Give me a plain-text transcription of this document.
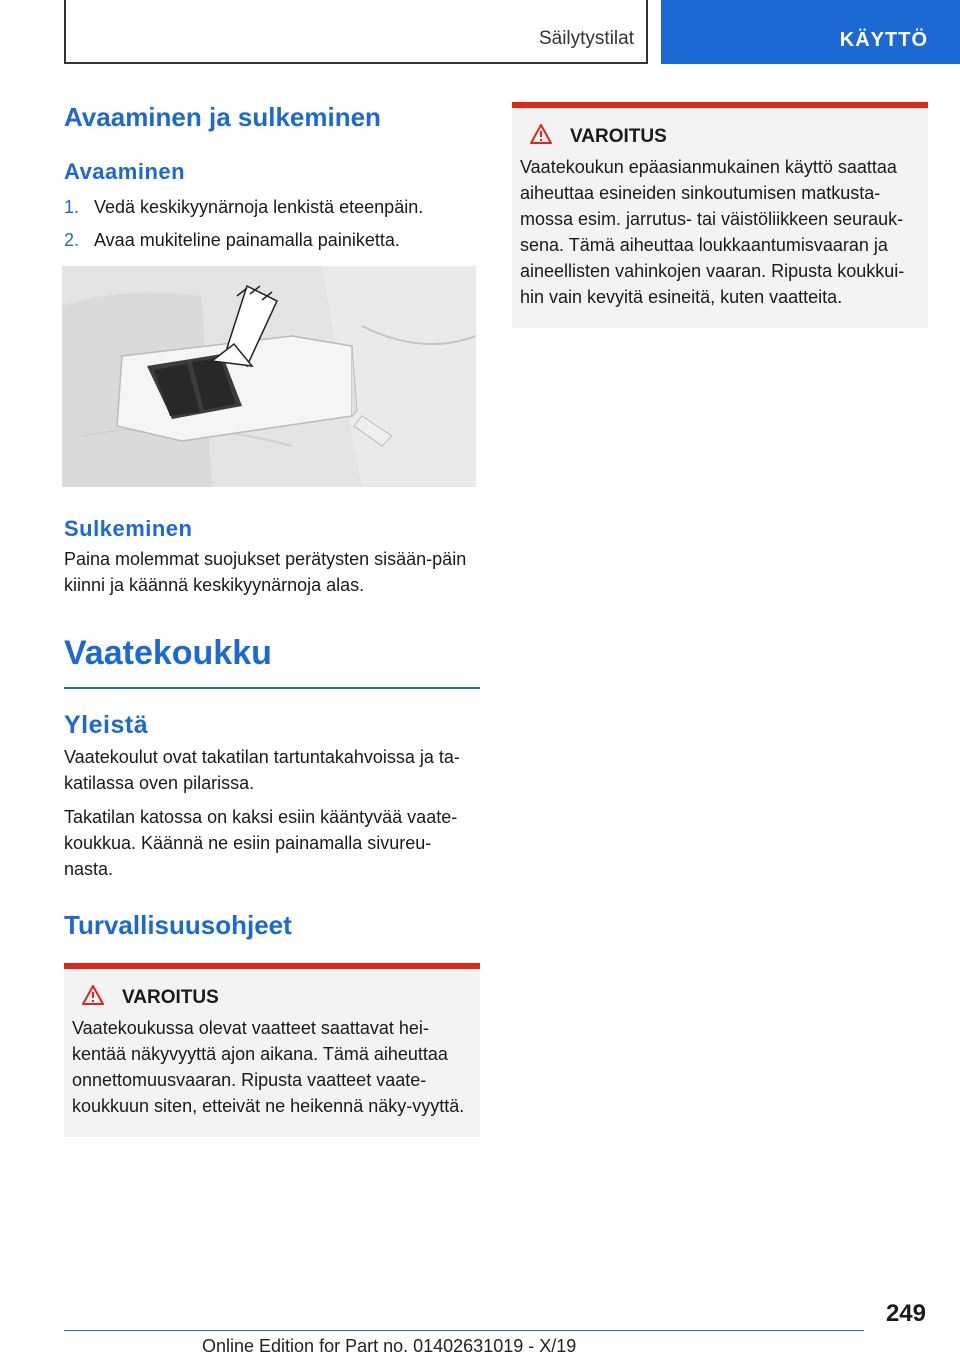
Säilytystilat	KÄYTTÖ
Avaaminen ja sulkeminen
Avaaminen
1. Vedä keskikyynärnoja lenkistä eteenpäin.
2. Avaa mukiteline painamalla painiketta.
Sulkeminen

Paina molemmat suojukset perätysten sisään‐päin kiinni ja käännä keskikyynärnoja alas.

Vaatekoukku
Yleistä

Vaatekoulut ovat takatilan tartuntakahvoissa ja ta‐katilassa oven pilarissa.

Takatilan katossa on kaksi esiin kääntyvää vaate‐koukkua. Käännä ne esiin painamalla sivureu‐nasta.

Turvallisuusohjeet
VAROITUS

Vaatekoukussa olevat vaatteet saattavat hei‐kentää näkyvyyttä ajon aikana. Tämä aiheuttaa onnettomuusvaaran. Ripusta vaatteet vaate‐koukkuun siten, etteivät ne heikennä näky‐vyyttä.

VAROITUS

Vaatekoukun epäasianmukainen käyttö saattaa aiheuttaa esineiden sinkoutumisen matkusta‐mossa esim. jarrutus- tai väistöliikkeen seurauk‐sena. Tämä aiheuttaa loukkaantumisvaaran ja aineellisten vahinkojen vaaran. Ripusta koukkui‐hin vain kevyitä esineitä, kuten vaatteita.

249
Online Edition for Part no. 01402631019 - X/19
